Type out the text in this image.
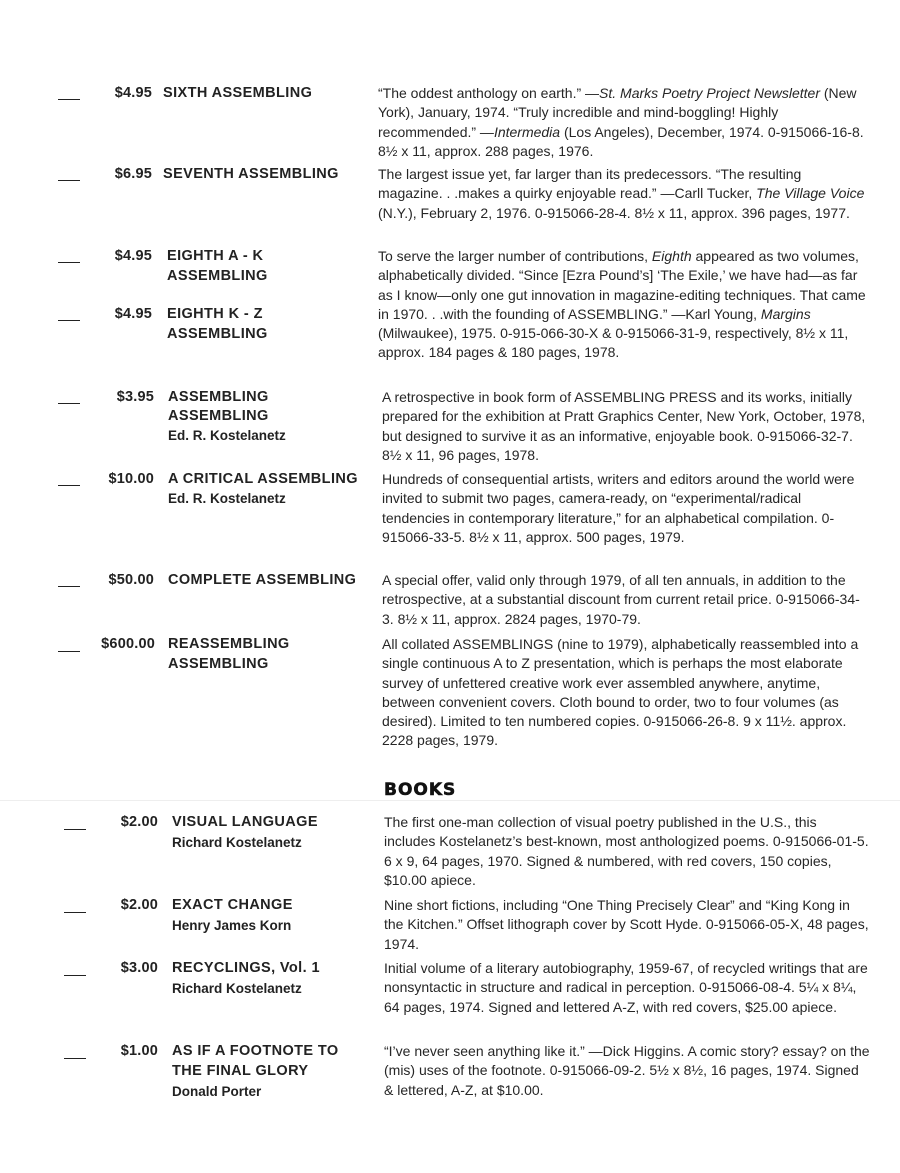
$4.95 SIXTH ASSEMBLING	“The oddest anthology on earth.” —St. Marks Poetry Project Newsletter (New York), January, 1974. “Truly incredible and mind-boggling! Highly recommended.” —Intermedia (Los Angeles), December, 1974. 0-915066-16-8. 8½ x 11, approx. 288 pages, 1976.
$6.95 SEVENTH ASSEMBLING	The largest issue yet, far larger than its predecessors. “The resulting magazine. . .makes a quirky enjoyable read.” —Carll Tucker, The Village Voice (N.Y.), February 2, 1976. 0-915066-28-4. 8½ x 11, approx. 396 pages, 1977.
$4.95 EIGHTH A - K
ASSEMBLING
To serve the larger number of contributions, Eighth appeared as two volumes, alphabetically divided. “Since [Ezra Pound’s] ‘The Exile,’ we have had—as far as I know—only one gut innovation in magazine-editing techniques. That came in 1970. . .with the founding of ASSEMBLING.” —Karl Young, Margins (Milwaukee), 1975. 0-915-066-30-X & 0-915066-31-9, respectively, 8½ x 11, approx. 184 pages & 180 pages, 1978.
$4.95 EIGHTH K - Z
ASSEMBLING
$3.95 ASSEMBLING
ASSEMBLING
Ed. R. Kostelanetz
A retrospective in book form of ASSEMBLING PRESS and its works, initially prepared for the exhibition at Pratt Graphics Center, New York, October, 1978, but designed to survive it as an informative, enjoyable book. 0-915066-32-7. 8½ x 11, 96 pages, 1978.
$10.00 A CRITICAL ASSEMBLING
Ed. R. Kostelanetz
Hundreds of consequential artists, writers and editors around the world were invited to submit two pages, camera-ready, on “experimental/radical tendencies in contemporary literature,” for an alphabetical compilation. 0-915066-33-5. 8½ x 11, approx. 500 pages, 1979.
$50.00 COMPLETE ASSEMBLING A special offer, valid only through 1979, of all ten annuals, in addition to the retrospective, at a substantial discount from current retail price. 0-915066-34-3. 8½ x 11, approx. 2824 pages, 1970-79.
$600.00 REASSEMBLING
ASSEMBLING
All collated ASSEMBLINGS (nine to 1979), alphabetically reassembled into a single continuous A to Z presentation, which is perhaps the most elaborate survey of unfettered creative work ever assembled anywhere, anytime, between convenient covers. Cloth bound to order, two to four volumes (as desired). Limited to ten numbered copies. 0-915066-26-8. 9 x 11½. approx. 2228 pages, 1979.
BOOKS
$2.00 VISUAL LANGUAGE
Richard Kostelanetz
The first one-man collection of visual poetry published in the U.S., this includes Kostelanetz’s best-known, most anthologized poems. 0-915066-01-5. 6 x 9, 64 pages, 1970. Signed & numbered, with red covers, 150 copies, $10.00 apiece.
$2.00 EXACT CHANGE
Henry James Korn
Nine short fictions, including “One Thing Precisely Clear” and “King Kong in the Kitchen.” Offset lithograph cover by Scott Hyde. 0-915066-05-X, 48 pages, 1974.
$3.00 RECYCLINGS, Vol. 1
Richard Kostelanetz
Initial volume of a literary autobiography, 1959-67, of recycled writings that are nonsyntactic in structure and radical in perception. 0-915066-08-4. 5¼ x 8¼, 64 pages, 1974. Signed and lettered A-Z, with red covers, $25.00 apiece.
$1.00 AS IF A FOOTNOTE TO
THE FINAL GLORY
Donald Porter
“I’ve never seen anything like it.” —Dick Higgins. A comic story? essay? on the (mis) uses of the footnote. 0-915066-09-2. 5½ x 8½, 16 pages, 1974. Signed & lettered, A-Z, at $10.00.
